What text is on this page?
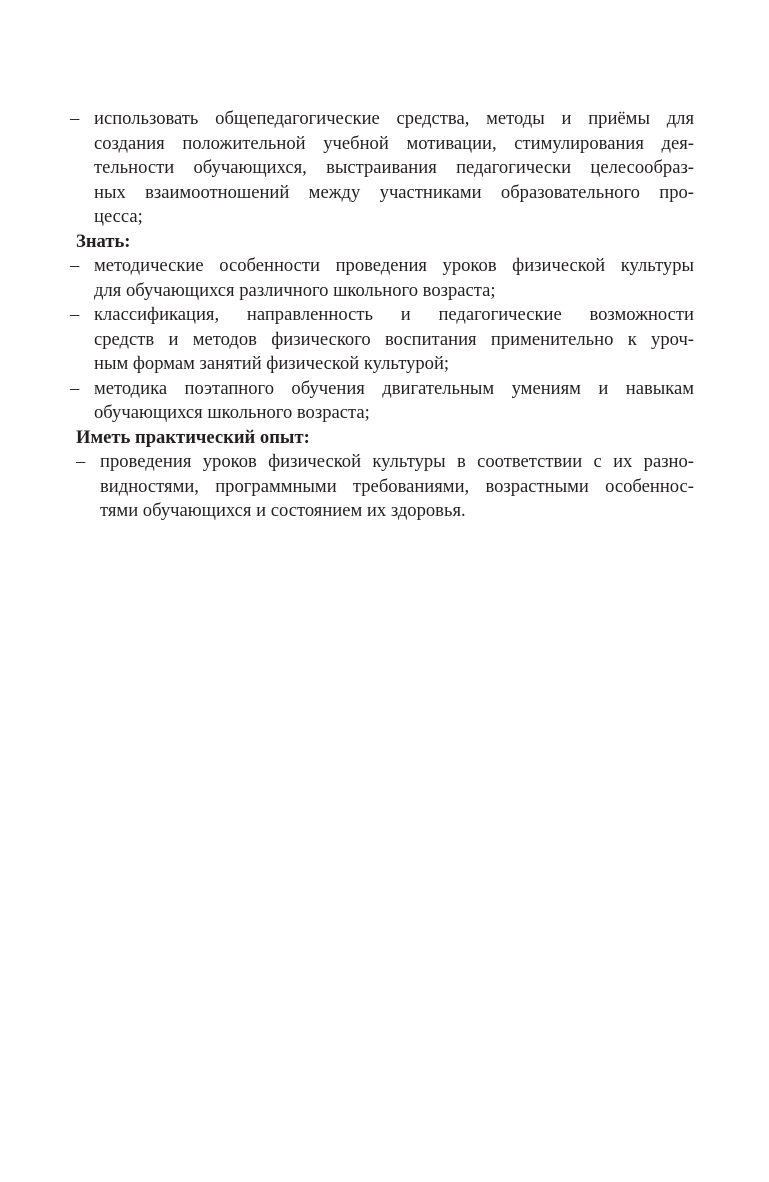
– использовать общепедагогические средства, методы и приёмы для
создания положительной учебной мотивации, стимулирования дея-
тельности обучающихся, выстраивания педагогически целесообраз-
ных взаимоотношений между участниками образовательного про-
цесса;
Знать:
– методические особенности проведения уроков физической культуры
для обучающихся различного школьного возраста;
– классификация, направленность и педагогические возможности
средств и методов физического воспитания применительно к уроч-
ным формам занятий физической культурой;
– методика поэтапного обучения двигательным умениям и навыкам
обучающихся школьного возраста;
Иметь практический опыт:
– проведения уроков физической культуры в соответствии с их разно-
видностями, программными требованиями, возрастными особеннос-
тями обучающихся и состоянием их здоровья.
